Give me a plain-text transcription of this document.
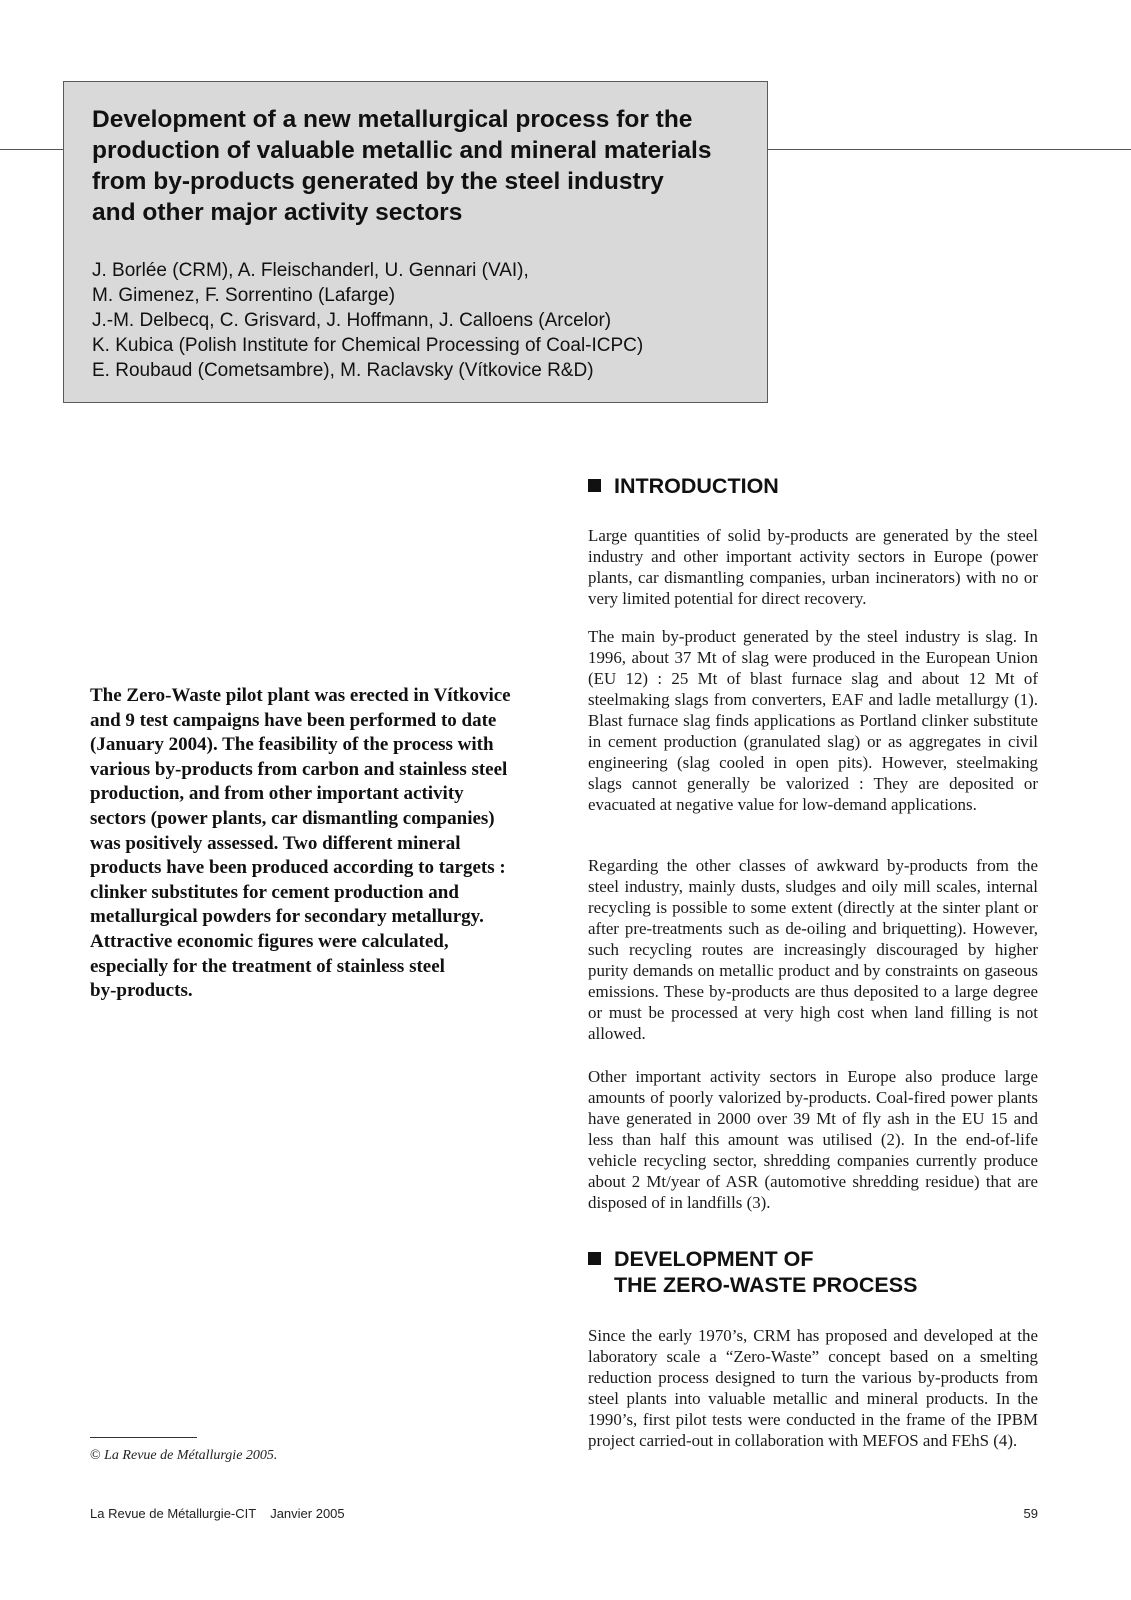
Development of a new metallurgical process for the
production of valuable metallic and mineral materials
from by-products generated by the steel industry
and other major activity sectors
J. Borlée (CRM), A. Fleischanderl, U. Gennari (VAI),
M. Gimenez, F. Sorrentino (Lafarge)
J.-M. Delbecq, C. Grisvard, J. Hoffmann, J. Calloens (Arcelor)
K. Kubica (Polish Institute for Chemical Processing of Coal-ICPC)
E. Roubaud (Cometsambre), M. Raclavsky (Vítkovice R&D)

The Zero-Waste pilot plant was erected in Vítkovice
and 9 test campaigns have been performed to date
(January 2004). The feasibility of the process with
various by-products from carbon and stainless steel
production, and from other important activity
sectors (power plants, car dismantling companies)
was positively assessed. Two different mineral
products have been produced according to targets :
clinker substitutes for cement production and
metallurgical powders for secondary metallurgy.
Attractive economic figures were calculated,
especially for the treatment of stainless steel
by-products.

© La Revue de Métallurgie 2005.
INTRODUCTION

Large quantities of solid by-products are generated by the steel industry and other important activity sectors in Europe (power plants, car dismantling companies, urban incinerators) with no or very limited potential for direct recovery.

The main by-product generated by the steel industry is slag. In 1996, about 37 Mt of slag were produced in the European Union (EU 12) : 25 Mt of blast furnace slag and about 12 Mt of steelmaking slags from converters, EAF and ladle metallurgy (1). Blast furnace slag finds applications as Portland clinker substitute in cement production (granulated slag) or as aggregates in civil engineering (slag cooled in open pits). However, steelmaking slags cannot generally be valorized : They are deposited or evacuated at negative value for low-demand applications.

Regarding the other classes of awkward by-products from the steel industry, mainly dusts, sludges and oily mill scales, internal recycling is possible to some extent (directly at the sinter plant or after pre-treatments such as de-oiling and briquetting). However, such recycling routes are increasingly discouraged by higher purity demands on metallic product and by constraints on gaseous emissions. These by-products are thus deposited to a large degree or must be processed at very high cost when land filling is not allowed.

Other important activity sectors in Europe also produce large amounts of poorly valorized by-products. Coal-fired power plants have generated in 2000 over 39 Mt of fly ash in the EU 15 and less than half this amount was utilised (2). In the end-of-life vehicle recycling sector, shredding companies currently produce about 2 Mt/year of ASR (automotive shredding residue) that are disposed of in landfills (3).

DEVELOPMENT OF
THE ZERO-WASTE PROCESS

Since the early 1970’s, CRM has proposed and developed at the laboratory scale a “Zero-Waste” concept based on a smelting reduction process designed to turn the various by-products from steel plants into valuable metallic and mineral products. In the 1990’s, first pilot tests were conducted in the frame of the IPBM project carried-out in collaboration with MEFOS and FEhS (4).

La Revue de Métallurgie-CIT Janvier 2005	59
